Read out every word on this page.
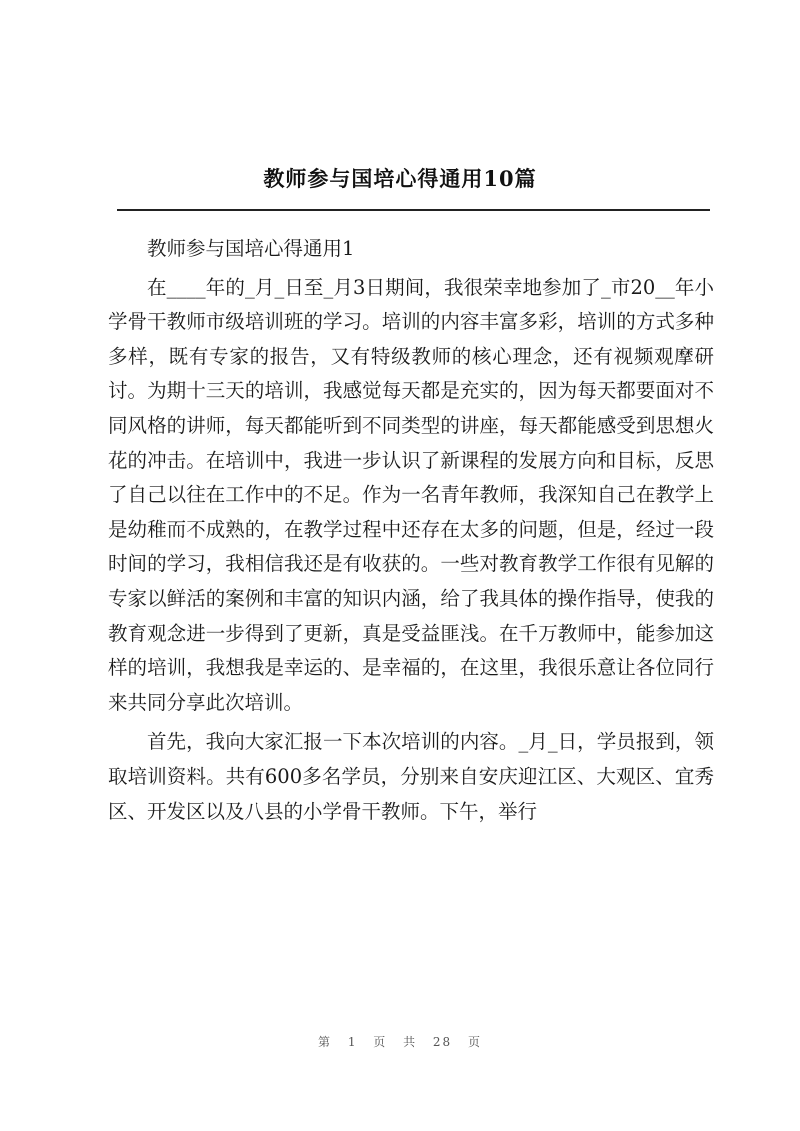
教师参与国培心得通用10篇

教师参与国培心得通用1

在____年的_月_日至_月3日期间，我很荣幸地参加了_市20__年小学骨干教师市级培训班的学习。培训的内容丰富多彩，培训的方式多种多样，既有专家的报告，又有特级教师的核心理念，还有视频观摩研讨。为期十三天的培训，我感觉每天都是充实的，因为每天都要面对不同风格的讲师，每天都能听到不同类型的讲座，每天都能感受到思想火花的冲击。在培训中，我进一步认识了新课程的发展方向和目标，反思了自己以往在工作中的不足。作为一名青年教师，我深知自己在教学上是幼稚而不成熟的，在教学过程中还存在太多的问题，但是，经过一段时间的学习，我相信我还是有收获的。一些对教育教学工作很有见解的专家以鲜活的案例和丰富的知识内涵，给了我具体的操作指导，使我的教育观念进一步得到了更新，真是受益匪浅。在千万教师中，能参加这样的培训，我想我是幸运的、是幸福的，在这里，我很乐意让各位同行来共同分享此次培训。

首先，我向大家汇报一下本次培训的内容。_月_日，学员报到，领取培训资料。共有600多名学员，分别来自安庆迎江区、大观区、宜秀区、开发区以及八县的小学骨干教师。下午，举行

第 1 页 共 28 页
